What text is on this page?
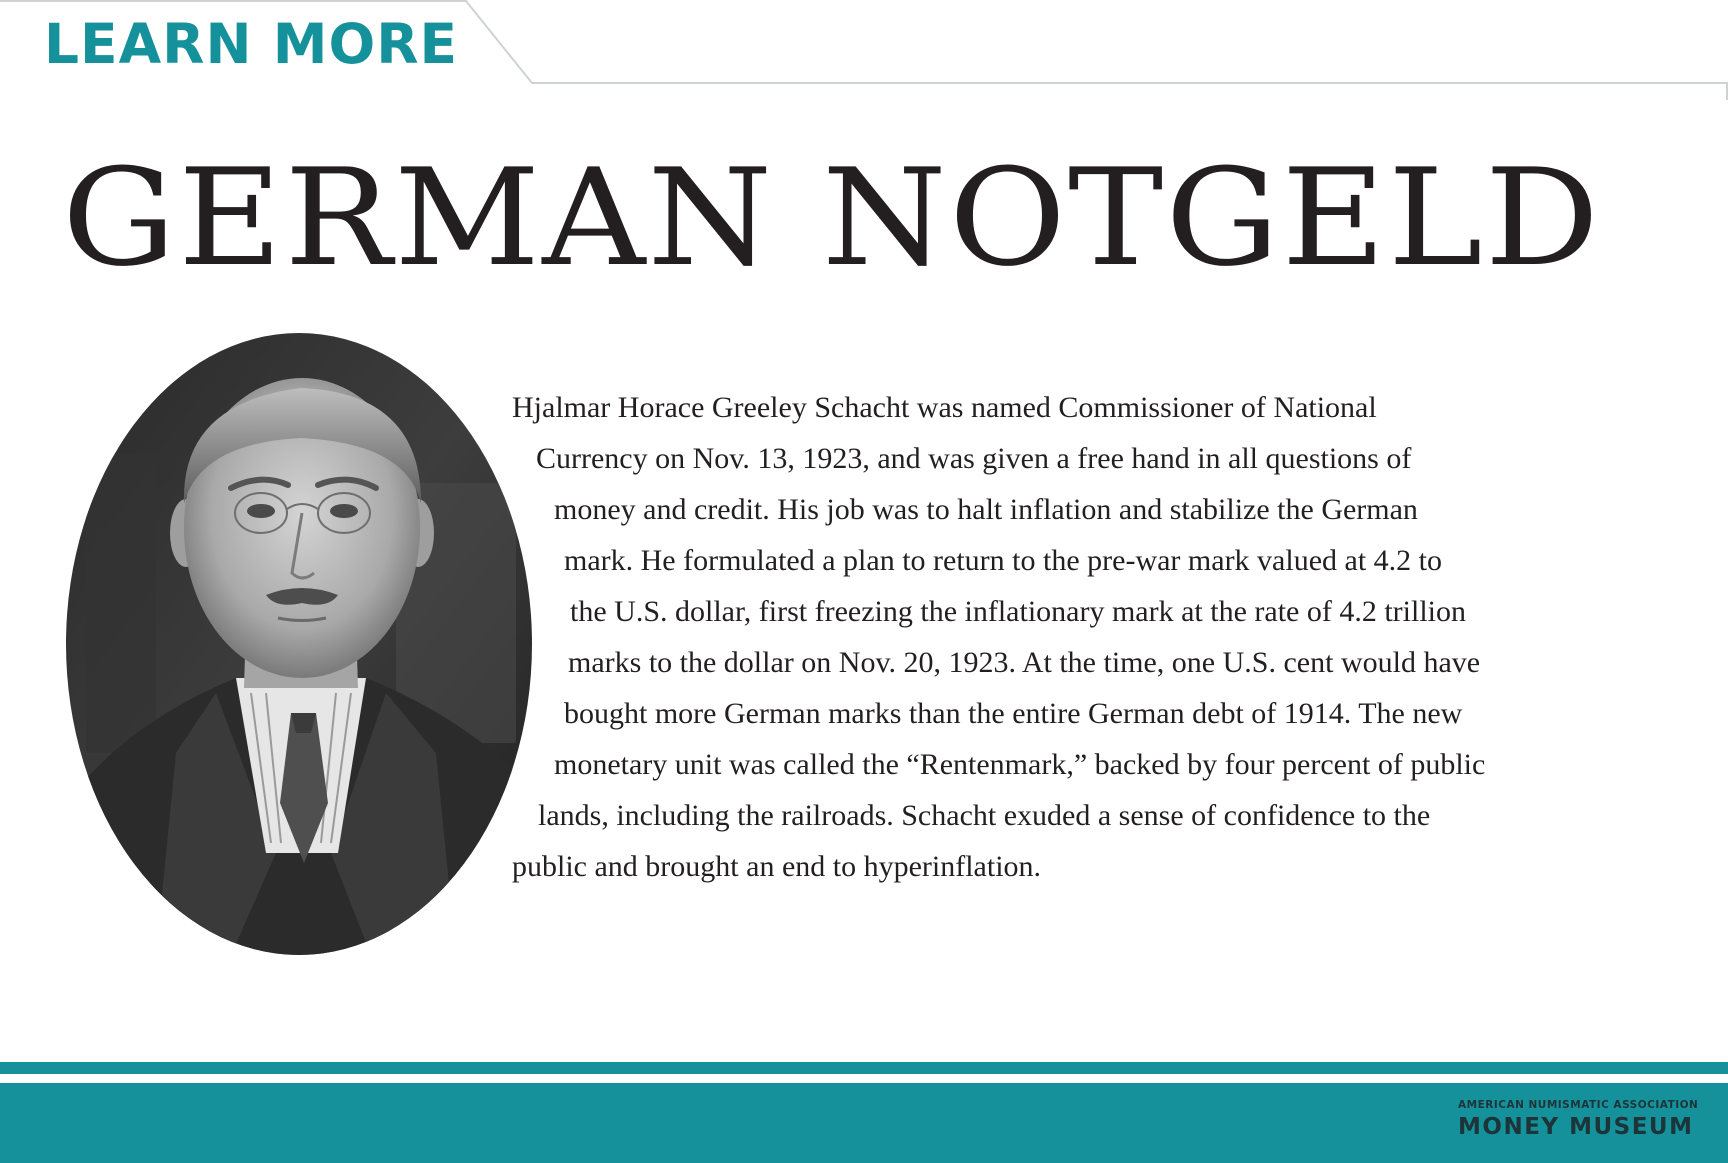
LEARN MORE
GERMAN NOTGELD
Hjalmar Horace Greeley Schacht was named Commissioner of National
Currency on Nov. 13, 1923, and was given a free hand in all questions of
money and credit. His job was to halt inflation and stabilize the German
mark. He formulated a plan to return to the pre-war mark valued at 4.2 to
the U.S. dollar, first freezing the inflationary mark at the rate of 4.2 trillion
marks to the dollar on Nov. 20, 1923. At the time, one U.S. cent would have
bought more German marks than the entire German debt of 1914. The new
monetary unit was called the “Rentenmark,” backed by four percent of public
lands, including the railroads. Schacht exuded a sense of confidence to the
public and brought an end to hyperinflation.
AMERICAN NUMISMATIC ASSOCIATION
MONEY MUSEUM
